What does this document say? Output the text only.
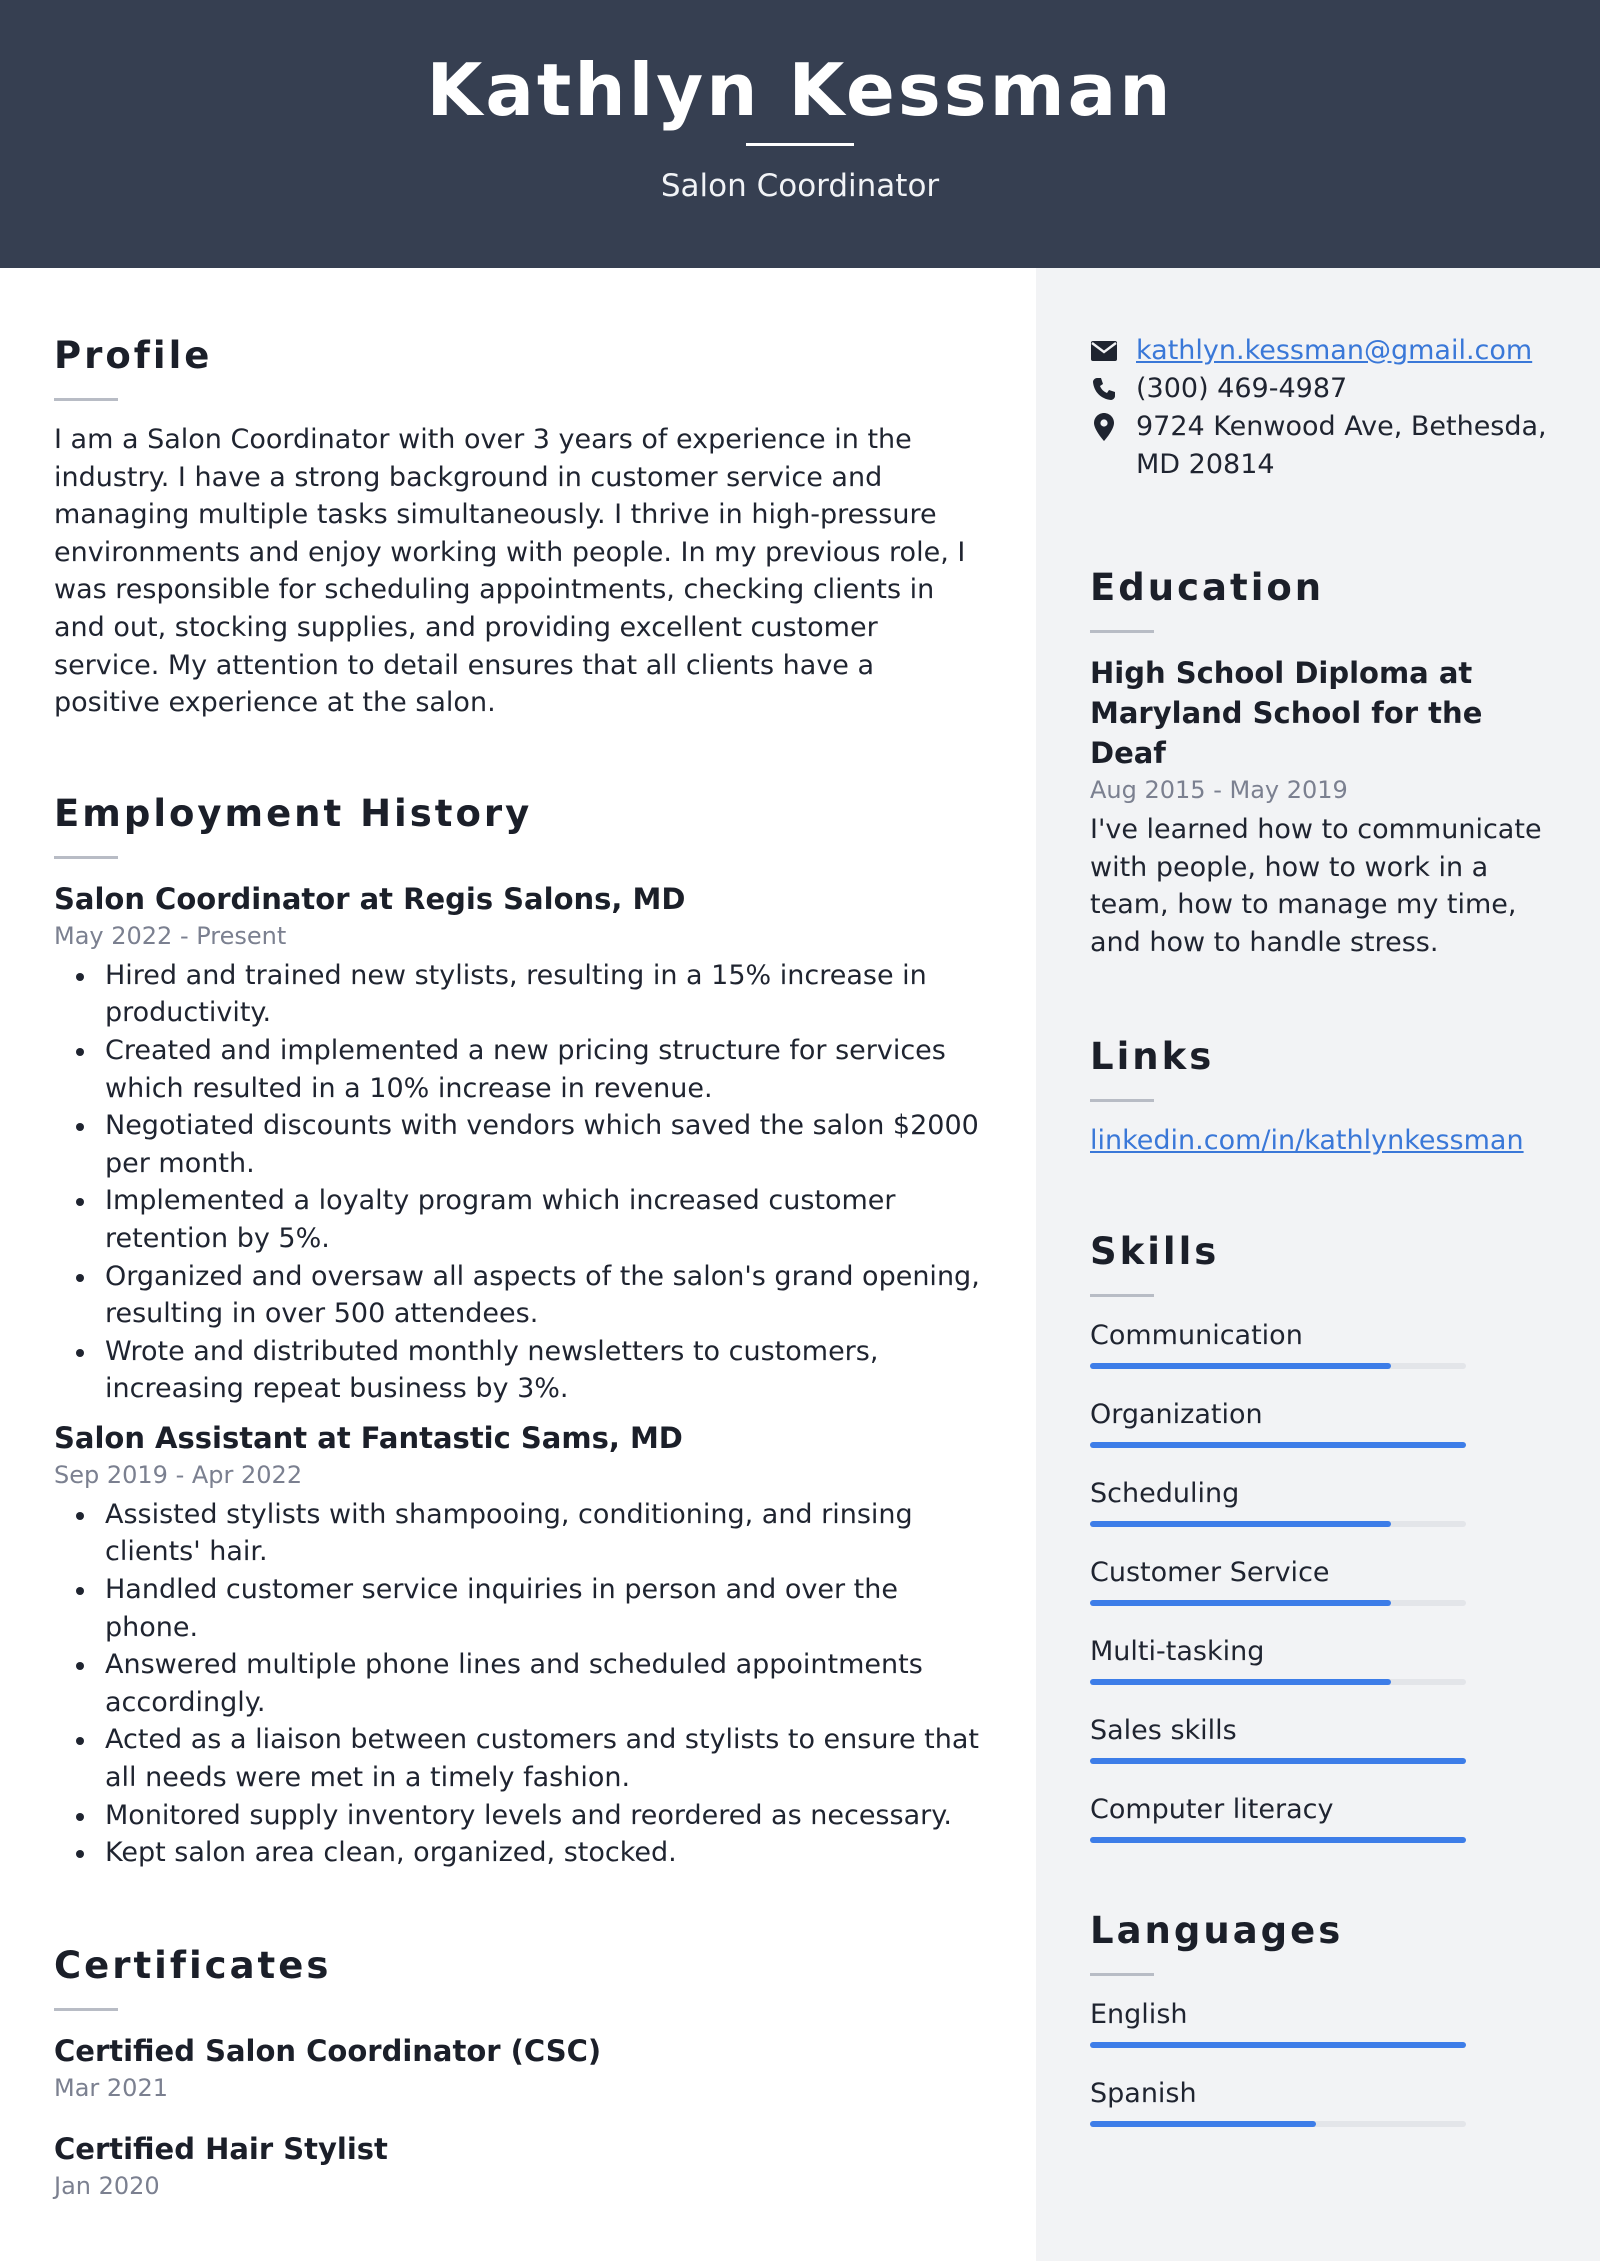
Kathlyn Kessman
Salon Coordinator
Profile

I am a Salon Coordinator with over 3 years of experience in the industry. I have a strong background in customer service and managing multiple tasks simultaneously. I thrive in high-pressure environments and enjoy working with people. In my previous role, I was responsible for scheduling appointments, checking clients in and out, stocking supplies, and providing excellent customer service. My attention to detail ensures that all clients have a positive experience at the salon.

Employment History

Salon Coordinator at Regis Salons, MD

May 2022 - Present

Hired and trained new stylists, resulting in a 15% increase in productivity.
Created and implemented a new pricing structure for services which resulted in a 10% increase in revenue.
Negotiated discounts with vendors which saved the salon $2000 per month.
Implemented a loyalty program which increased customer retention by 5%.
Organized and oversaw all aspects of the salon's grand opening, resulting in over 500 attendees.
Wrote and distributed monthly newsletters to customers, increasing repeat business by 3%.

Salon Assistant at Fantastic Sams, MD

Sep 2019 - Apr 2022

Assisted stylists with shampooing, conditioning, and rinsing clients' hair.
Handled customer service inquiries in person and over the phone.
Answered multiple phone lines and scheduled appointments accordingly.
Acted as a liaison between customers and stylists to ensure that all needs were met in a timely fashion.
Monitored supply inventory levels and reordered as necessary.
Kept salon area clean, organized, stocked.
Certificates

Certified Salon Coordinator (CSC)

Mar 2021

Certified Hair Stylist

Jan 2020

kathlyn.kessman@gmail.com
(300) 469-4987
9724 Kenwood Ave, Bethesda, MD 20814
Education

High School Diploma at Maryland School for the Deaf

Aug 2015 - May 2019

I've learned how to communicate with people, how to work in a team, how to manage my time, and how to handle stress.

Links
linkedin.com/in/kathlynkessman
Skills

Communication

Organization

Scheduling

Customer Service

Multi-tasking

Sales skills

Computer literacy

Languages

English

Spanish
